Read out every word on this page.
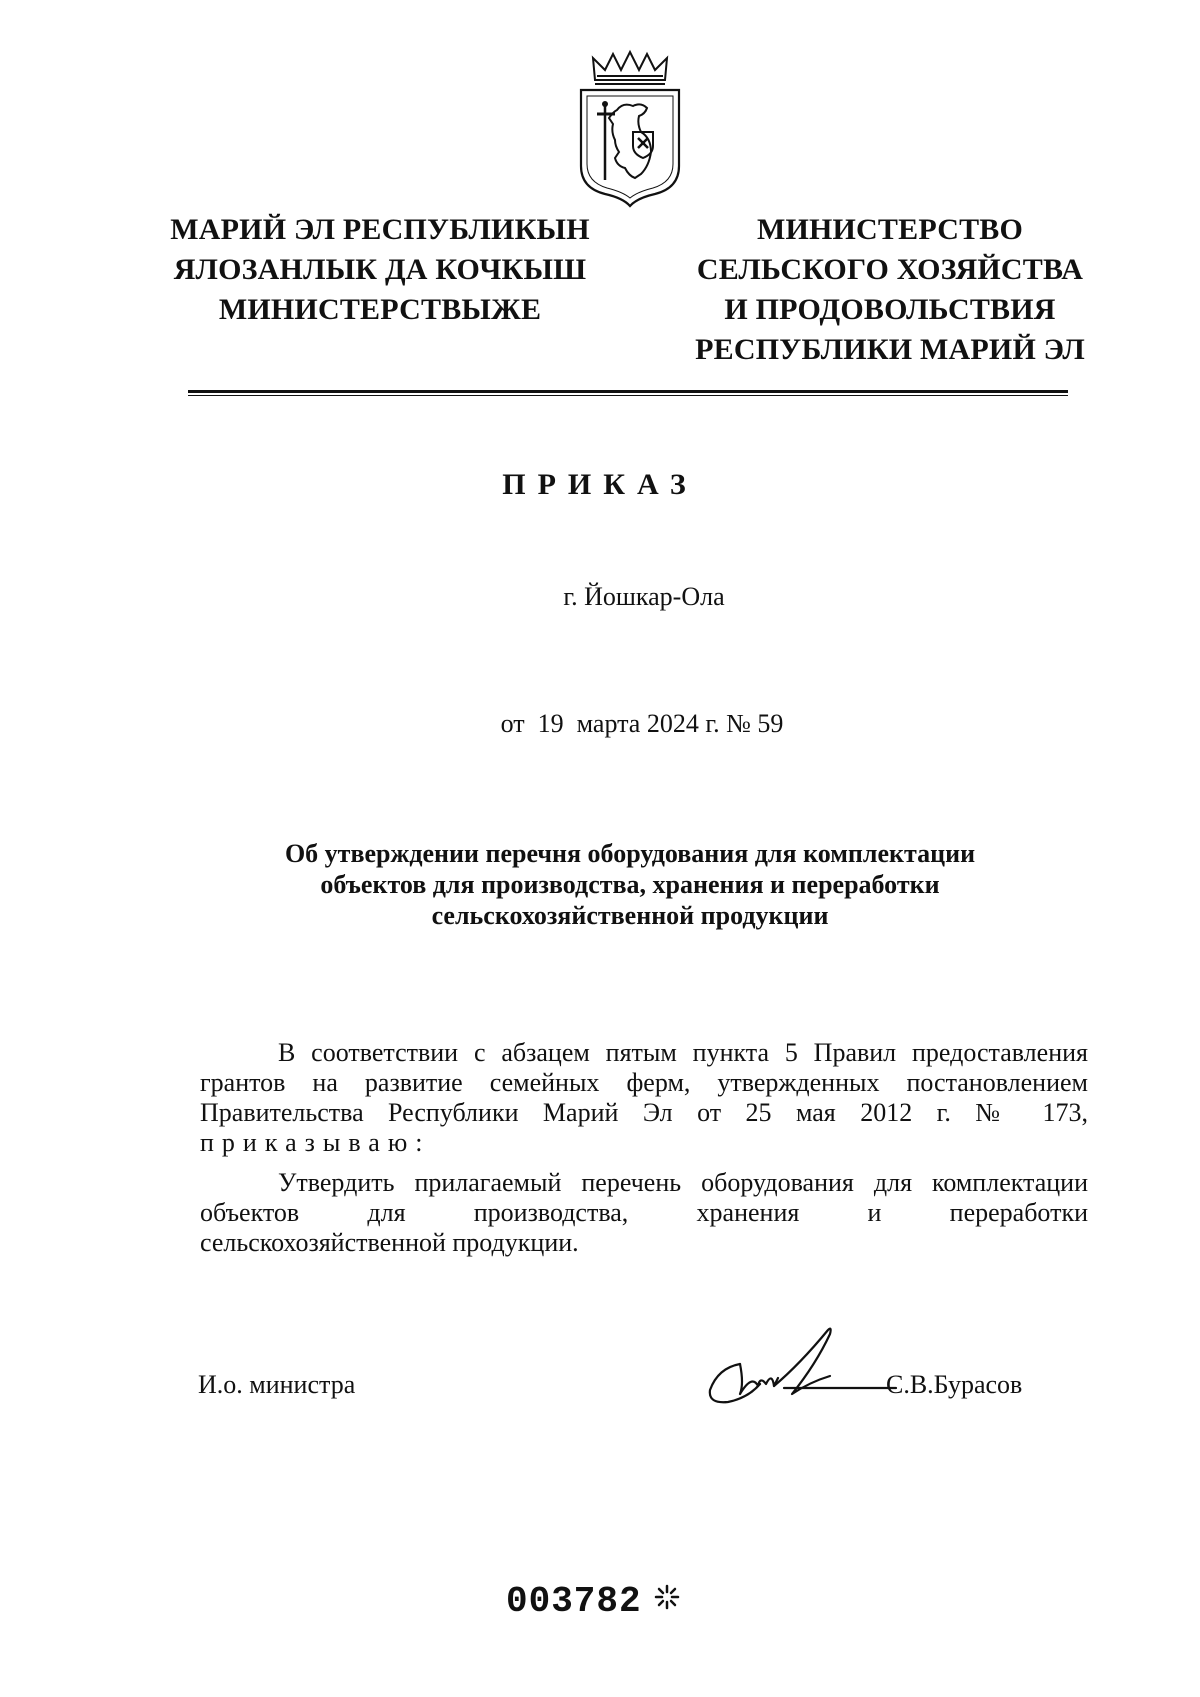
МАРИЙ ЭЛ РЕСПУБЛИКЫН
ЯЛОЗАНЛЫК ДА КОЧКЫШ
МИНИСТЕРСТВЫЖЕ
МИНИСТЕРСТВО
СЕЛЬСКОГО ХОЗЯЙСТВА
И ПРОДОВОЛЬСТВИЯ
РЕСПУБЛИКИ МАРИЙ ЭЛ
ПРИКАЗ
г. Йошкар-Ола
от  19  марта 2024 г. № 59
Об утверждении перечня оборудования для комплектации
объектов для производства, хранения и переработки
сельскохозяйственной продукции
В соответствии с абзацем пятым пункта 5 Правил предоставления
грантов на развитие семейных ферм, утвержденных постановлением
Правительства Республики Марий Эл от 25 мая 2012 г. № 173,
приказываю:
Утвердить прилагаемый перечень оборудования для комплектации
объектов для производства, хранения и переработки
сельскохозяйственной продукции.
И.о. министра	С.В.Бурасов
003782
